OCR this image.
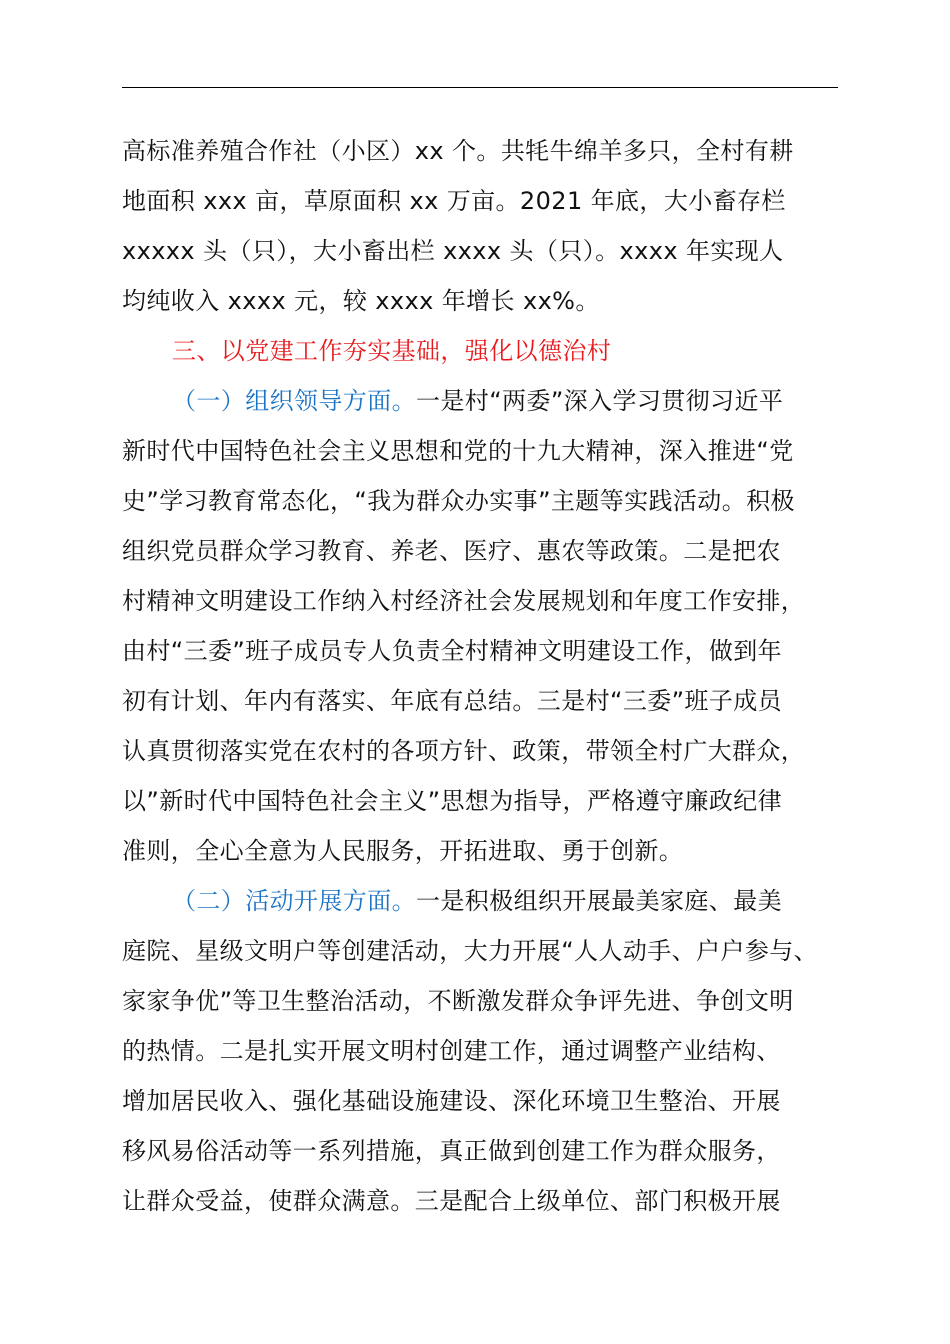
高标准养殖合作社（小区）xx 个。共牦牛绵羊多只，全村有耕
地面积 xxx 亩，草原面积 xx 万亩。2021 年底，大小畜存栏
xxxxx 头（只），大小畜出栏 xxxx 头（只）。xxxx 年实现人
均纯收入 xxxx 元，较 xxxx 年增长 xx%。
三、以党建工作夯实基础，强化以德治村
（一）组织领导方面。一是村“两委”深入学习贯彻习近平
新时代中国特色社会主义思想和党的十九大精神，深入推进“党
史”学习教育常态化，“我为群众办实事”主题等实践活动。积极
组织党员群众学习教育、养老、医疗、惠农等政策。二是把农
村精神文明建设工作纳入村经济社会发展规划和年度工作安排，
由村“三委”班子成员专人负责全村精神文明建设工作，做到年
初有计划、年内有落实、年底有总结。三是村“三委”班子成员
认真贯彻落实党在农村的各项方针、政策，带领全村广大群众，
以”新时代中国特色社会主义”思想为指导，严格遵守廉政纪律
准则，全心全意为人民服务，开拓进取、勇于创新。
（二）活动开展方面。一是积极组织开展最美家庭、最美
庭院、星级文明户等创建活动，大力开展“人人动手、户户参与、
家家争优”等卫生整治活动，不断激发群众争评先进、争创文明
的热情。二是扎实开展文明村创建工作，通过调整产业结构、
增加居民收入、强化基础设施建设、深化环境卫生整治、开展
移风易俗活动等一系列措施，真正做到创建工作为群众服务，
让群众受益，使群众满意。三是配合上级单位、部门积极开展
